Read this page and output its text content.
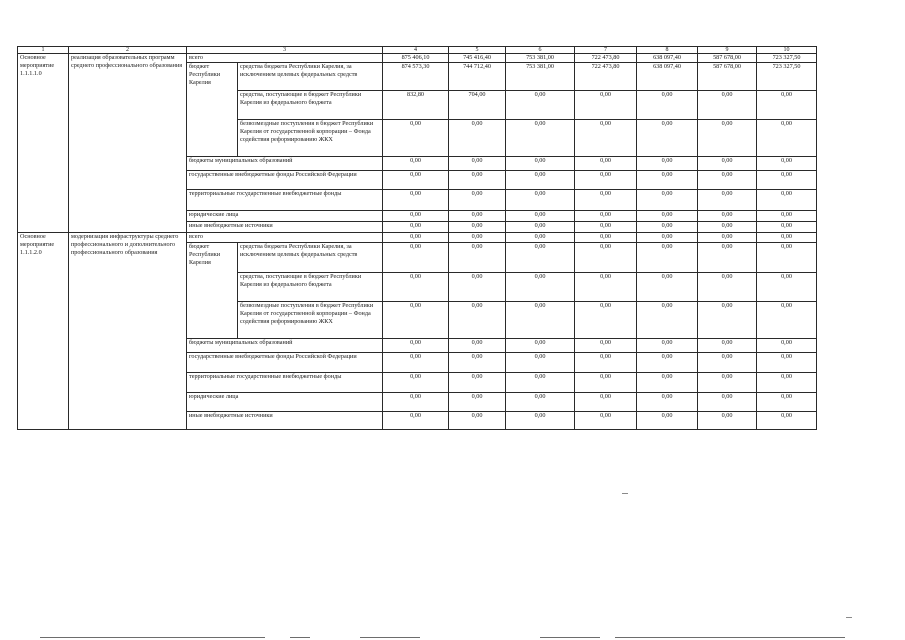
1	2	3		4	5	6	7	8	9	10
Основное мероприятие 1.1.1.1.0	реализация образовательных программ среднего профессионального образования	всего		875 406,10	745 416,40	753 381,00	722 473,80	638 097,40	587 678,00	723 327,50
		бюджет Республики Карелия	средства бюджета Республики Карелия, за исключением целевых федеральных средств	874 573,30	744 712,40	753 381,00	722 473,80	638 097,40	587 678,00	723 327,50
			средства, поступающие в бюджет Республики Карелия из федерального бюджета	832,80	704,00	0,00	0,00	0,00	0,00	0,00
			безвозмездные поступления в бюджет Республики Карелия от государственной корпорации – Фонда содействия реформированию ЖКХ	0,00	0,00	0,00	0,00	0,00	0,00	0,00
		бюджеты муниципальных образований		0,00	0,00	0,00	0,00	0,00	0,00	0,00
		государственные внебюджетные фонды Российской Федерации		0,00	0,00	0,00	0,00	0,00	0,00	0,00
		территориальные государственные внебюджетные фонды		0,00	0,00	0,00	0,00	0,00	0,00	0,00
		юридические лица		0,00	0,00	0,00	0,00	0,00	0,00	0,00
		иные внебюджетные источники		0,00	0,00	0,00	0,00	0,00	0,00	0,00
Основное мероприятие 1.1.1.2.0	модернизация инфраструктуры среднего профессионального и дополнительного профессионального образования	всего		0,00	0,00	0,00	0,00	0,00	0,00	0,00
		бюджет Республики Карелия	средства бюджета Республики Карелия, за исключением целевых федеральных средств	0,00	0,00	0,00	0,00	0,00	0,00	0,00
			средства, поступающие в бюджет Республики Карелия из федерального бюджета	0,00	0,00	0,00	0,00	0,00	0,00	0,00
			безвозмездные поступления в бюджет Республики Карелия от государственной корпорации – Фонда содействия реформированию ЖКХ	0,00	0,00	0,00	0,00	0,00	0,00	0,00
		бюджеты муниципальных образований		0,00	0,00	0,00	0,00	0,00	0,00	0,00
		государственные внебюджетные фонды Российской Федерации		0,00	0,00	0,00	0,00	0,00	0,00	0,00
		территориальные государственные внебюджетные фонды		0,00	0,00	0,00	0,00	0,00	0,00	0,00
		юридические лица		0,00	0,00	0,00	0,00	0,00	0,00	0,00
		иные внебюджетные источники		0,00	0,00	0,00	0,00	0,00	0,00	0,00
